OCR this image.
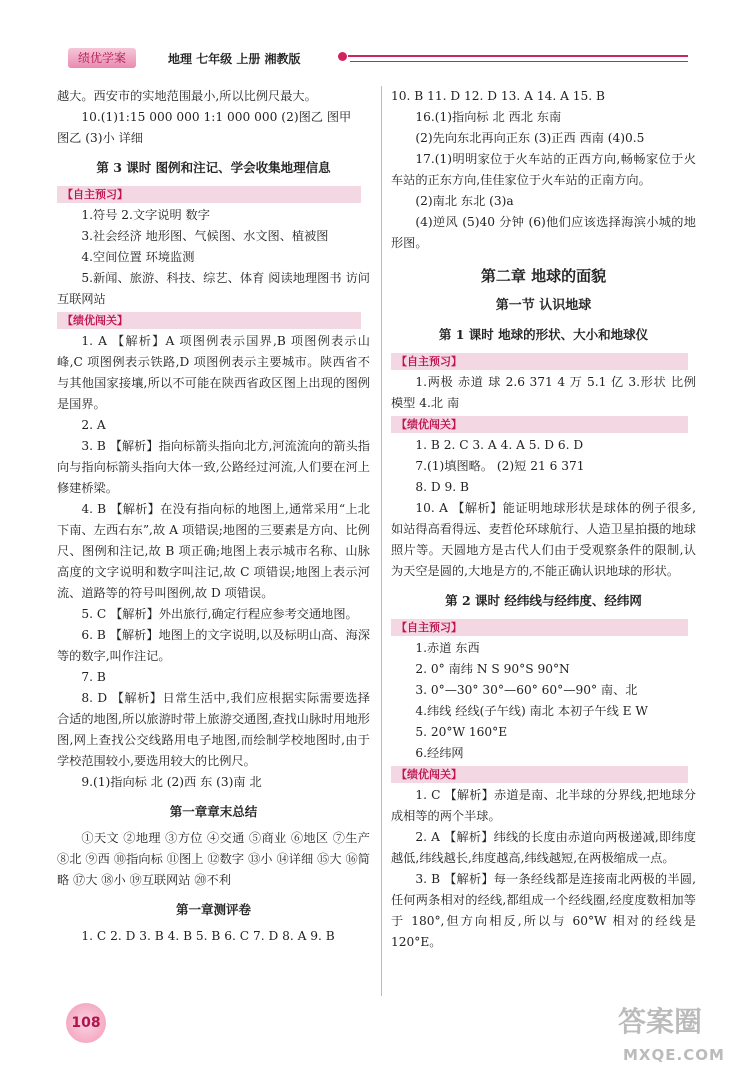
绩优学案	地理 七年级 上册 湘教版

越大。西安市的实地范围最小,所以比例尺最大。

10.(1)1:15 000 000 1:1 000 000 (2)图乙 图甲

图乙 (3)小 详细

第 3 课时 图例和注记、学会收集地理信息
【自主预习】

1.符号 2.文字说明 数字

3.社会经济 地形图、气候图、水文图、植被图

4.空间位置 环境监测

5.新闻、旅游、科技、综艺、体育 阅读地理图书 访问互联网站

【绩优闯关】

1. A 【解析】A 项图例表示国界,B 项图例表示山峰,C 项图例表示铁路,D 项图例表示主要城市。陕西省不与其他国家接壤,所以不可能在陕西省政区图上出现的图例是国界。

2. A

3. B 【解析】指向标箭头指向北方,河流流向的箭头指向与指向标箭头指向大体一致,公路经过河流,人们要在河上修建桥梁。

4. B 【解析】在没有指向标的地图上,通常采用“上北下南、左西右东”,故 A 项错误;地图的三要素是方向、比例尺、图例和注记,故 B 项正确;地图上表示城市名称、山脉高度的文字说明和数字叫注记,故 C 项错误;地图上表示河流、道路等的符号叫图例,故 D 项错误。

5. C 【解析】外出旅行,确定行程应参考交通地图。

6. B 【解析】地图上的文字说明,以及标明山高、海深等的数字,叫作注记。

7. B

8. D 【解析】日常生活中,我们应根据实际需要选择合适的地图,所以旅游时带上旅游交通图,查找山脉时用地形图,网上查找公交线路用电子地图,而绘制学校地图时,由于学校范围较小,要选用较大的比例尺。

9.(1)指向标 北 (2)西 东 (3)南 北

第一章章末总结

①天文 ②地理 ③方位 ④交通 ⑤商业 ⑥地区 ⑦生产 ⑧北 ⑨西 ⑩指向标 ⑪图上 ⑫数字 ⑬小 ⑭详细 ⑮大 ⑯简略 ⑰大 ⑱小 ⑲互联网站 ⑳不利

第一章测评卷

1. C 2. D 3. B 4. B 5. B 6. C 7. D 8. A 9. B

10. B 11. D 12. D 13. A 14. A 15. B

16.(1)指向标 北 西北 东南

(2)先向东北再向正东 (3)正西 西南 (4)0.5

17.(1)明明家位于火车站的正西方向,畅畅家位于火车站的正东方向,佳佳家位于火车站的正南方向。

(2)南北 东北 (3)a

(4)逆风 (5)40 分钟 (6)他们应该选择海滨小城的地形图。

第二章 地球的面貌
第一节 认识地球
第 1 课时 地球的形状、大小和地球仪
【自主预习】

1.两极 赤道 球 2.6 371 4 万 5.1 亿 3.形状 比例 模型 4.北 南

【绩优闯关】

1. B 2. C 3. A 4. A 5. D 6. D

7.(1)填图略。 (2)短 21 6 371

8. D 9. B

10. A 【解析】能证明地球形状是球体的例子很多,如站得高看得远、麦哲伦环球航行、人造卫星拍摄的地球照片等。天圆地方是古代人们由于受观察条件的限制,认为天空是圆的,大地是方的,不能正确认识地球的形状。

第 2 课时 经纬线与经纬度、经纬网
【自主预习】

1.赤道 东西

2. 0° 南纬 N S 90°S 90°N

3. 0°—30° 30°—60° 60°—90° 南、北

4.纬线 经线(子午线) 南北 本初子午线 E W

5. 20°W 160°E

6.经纬网

【绩优闯关】

1. C 【解析】赤道是南、北半球的分界线,把地球分成相等的两个半球。

2. A 【解析】纬线的长度由赤道向两极递减,即纬度越低,纬线越长,纬度越高,纬线越短,在两极缩成一点。

3. B 【解析】每一条经线都是连接南北两极的半圆,任何两条相对的经线,都组成一个经线圈,经度度数相加等于 180°,但方向相反,所以与 60°W 相对的经线是 120°E。

108	答案圈
MXQE.COM
